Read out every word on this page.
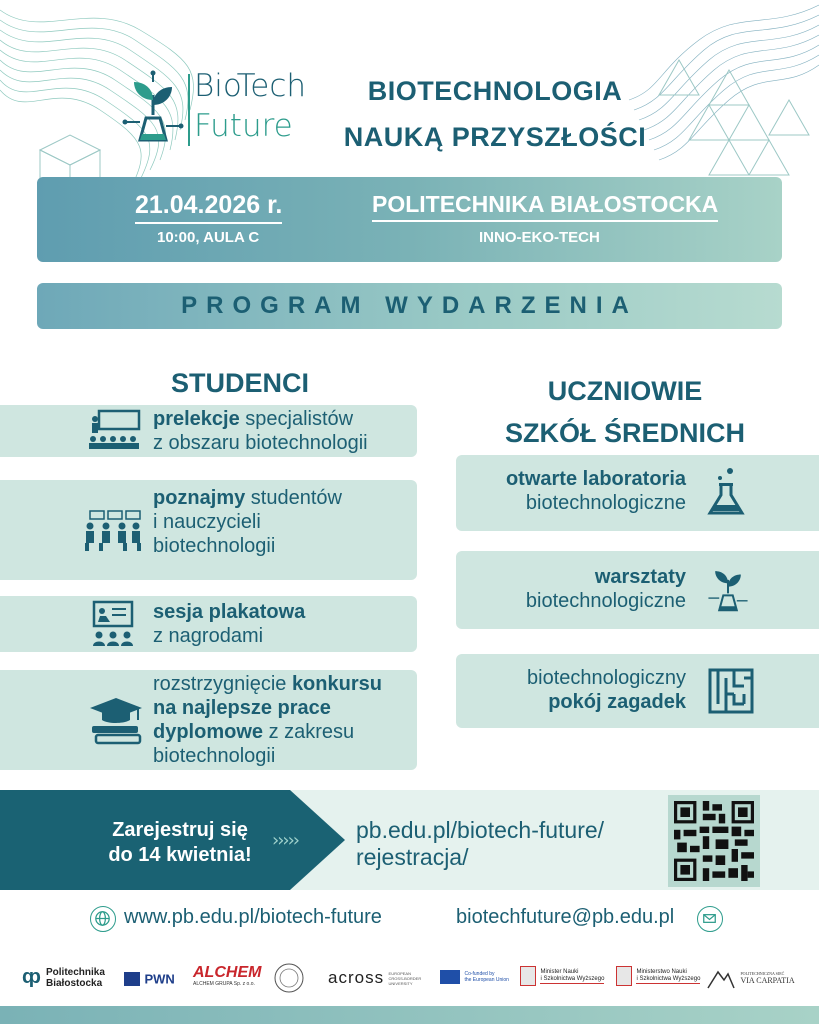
BioTech
Future
BIOTECHNOLOGIA
NAUKĄ PRZYSZŁOŚCI
21.04.2026 r.
10:00, AULA C
POLITECHNIKA BIAŁOSTOCKA
INNO-EKO-TECH
PROGRAM WYDARZENIA
STUDENCI	UCZNIOWIE
SZKÓŁ ŚREDNICH
prelekcje specjalistów
z obszaru biotechnologii
poznajmy studentów
i nauczycieli
biotechnologii
sesja plakatowa
z nagrodami
rozstrzygnięcie konkursu
na najlepsze prace
dyplomowe z zakresu
biotechnologii
otwarte laboratoria
biotechnologiczne
warsztaty
biotechnologiczne
biotechnologiczny
pokój zagadek
Zarejestruj się
do 14 kwietnia!
›››››	pb.edu.pl/biotech-future/
rejestracja/
www.pb.edu.pl/biotech-future	biotechfuture@pb.edu.pl
ȹ Politechnika
Białostocka	PWN ALCHEM
ALCHEM GRUPA Sp. z o.o.	across EUROPEAN CROSS-BORDER UNIVERSITY
Co-funded by
the European Union
Minister Nauki
i Szkolnictwa Wyższego
Ministerstwo Nauki
i Szkolnictwa Wyższego

POLITECHNICZNA SIEĆ
VIA CARPATIA
